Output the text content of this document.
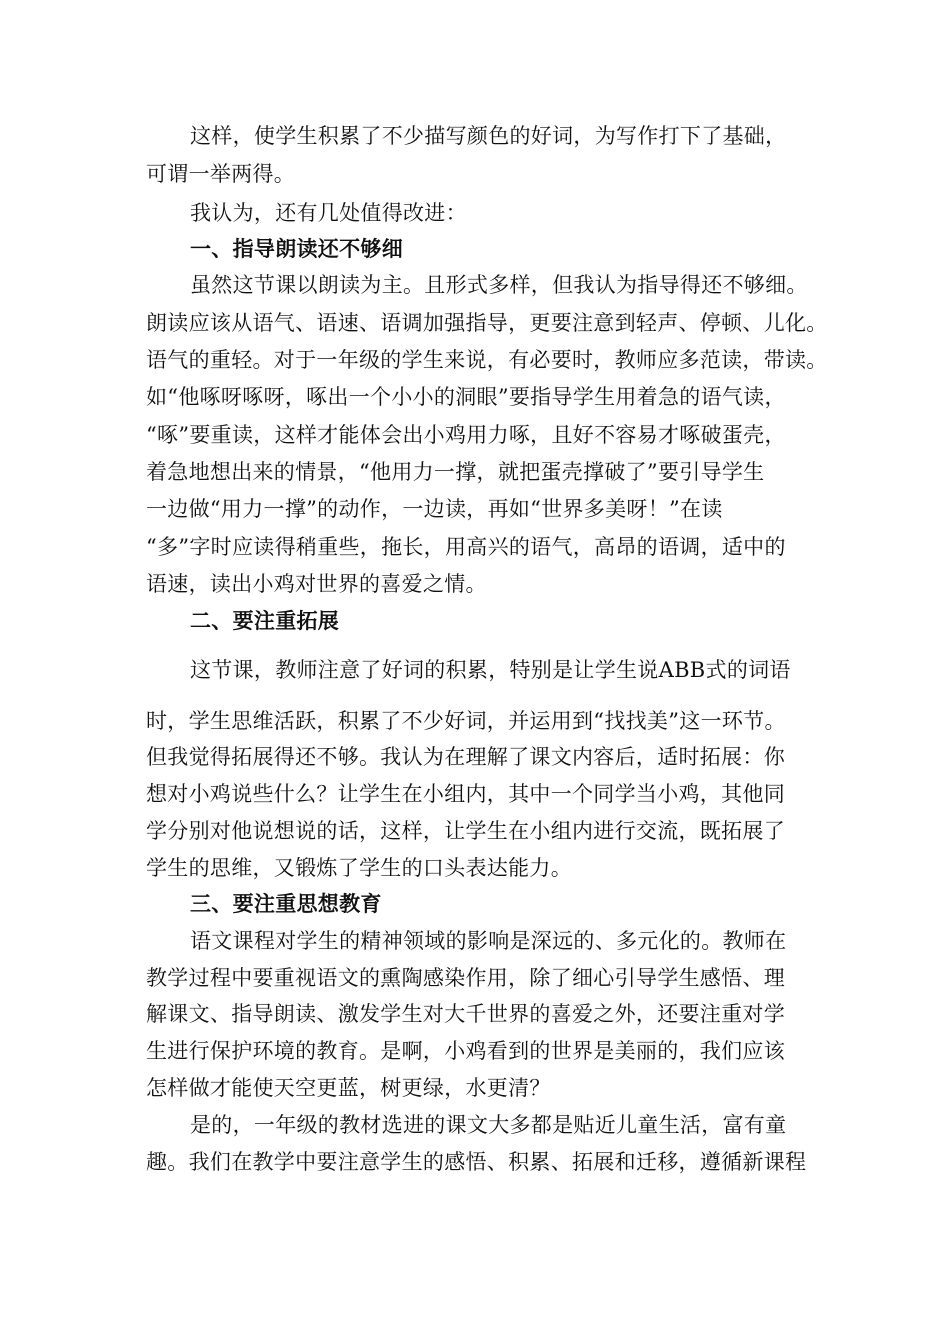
这样，使学生积累了不少描写颜色的好词，为写作打下了基础，
可谓一举两得。
我认为，还有几处值得改进：
一、指导朗读还不够细
虽然这节课以朗读为主。且形式多样，但我认为指导得还不够细。
朗读应该从语气、语速、语调加强指导，更要注意到轻声、停顿、儿化。
语气的重轻。对于一年级的学生来说，有必要时，教师应多范读，带读。
如“他啄呀啄呀，啄出一个小小的洞眼”要指导学生用着急的语气读，
“啄”要重读，这样才能体会出小鸡用力啄，且好不容易才啄破蛋壳，
着急地想出来的情景，“他用力一撑，就把蛋壳撑破了”要引导学生
一边做“用力一撑”的动作，一边读，再如“世界多美呀！”在读
“多”字时应读得稍重些，拖长，用高兴的语气，高昂的语调，适中的
语速，读出小鸡对世界的喜爱之情。
二、要注重拓展
这节课，教师注意了好词的积累，特别是让学生说ABB式的词语
时，学生思维活跃，积累了不少好词，并运用到“找找美”这一环节。
但我觉得拓展得还不够。我认为在理解了课文内容后，适时拓展：你
想对小鸡说些什么？让学生在小组内，其中一个同学当小鸡，其他同
学分别对他说想说的话，这样，让学生在小组内进行交流，既拓展了
学生的思维，又锻炼了学生的口头表达能力。
三、要注重思想教育
语文课程对学生的精神领域的影响是深远的、多元化的。教师在
教学过程中要重视语文的熏陶感染作用，除了细心引导学生感悟、理
解课文、指导朗读、激发学生对大千世界的喜爱之外，还要注重对学
生进行保护环境的教育。是啊，小鸡看到的世界是美丽的，我们应该
怎样做才能使天空更蓝，树更绿，水更清？
是的，一年级的教材选进的课文大多都是贴近儿童生活，富有童
趣。我们在教学中要注意学生的感悟、积累、拓展和迁移，遵循新课程
